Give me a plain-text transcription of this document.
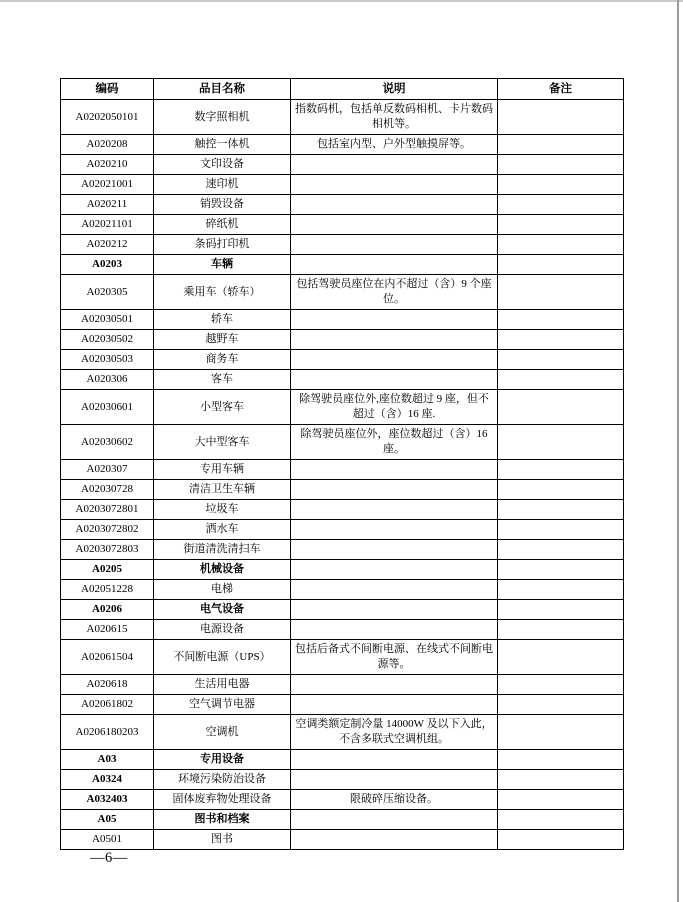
编码	品目名称	说明	备注
A0202050101	数字照相机	指数码机，包括单反数码相机、卡片数码相机等。	
A020208	触控一体机	包括室内型、户外型触摸屏等。	
A020210	文印设备		
A02021001	速印机		
A020211	销毁设备		
A02021101	碎纸机		
A020212	条码打印机		
A0203	车辆		
A020305	乘用车（轿车）	包括驾驶员座位在内不超过（含）9 个座位。	
A02030501	轿车		
A02030502	越野车		
A02030503	商务车		
A020306	客车		
A02030601	小型客车	除驾驶员座位外,座位数超过 9 座，但不超过（含）16 座.	
A02030602	大中型客车	除驾驶员座位外，座位数超过（含）16 座。	
A020307	专用车辆		
A02030728	清洁卫生车辆		
A0203072801	垃圾车		
A0203072802	洒水车		
A0203072803	街道清洗清扫车		
A0205	机械设备		
A02051228	电梯		
A0206	电气设备		
A020615	电源设备		
A02061504	不间断电源（UPS）	包括后备式不间断电源、在线式不间断电源等。	
A020618	生活用电器		
A02061802	空气调节电器		
A0206180203	空调机	空调类额定制冷量 14000W 及以下入此，不含多联式空调机组。	
A03	专用设备		
A0324	环境污染防治设备		
A032403	固体废弃物处理设备	限破碎压缩设备。	
A05	图书和档案		
A0501	图书		
—6—
